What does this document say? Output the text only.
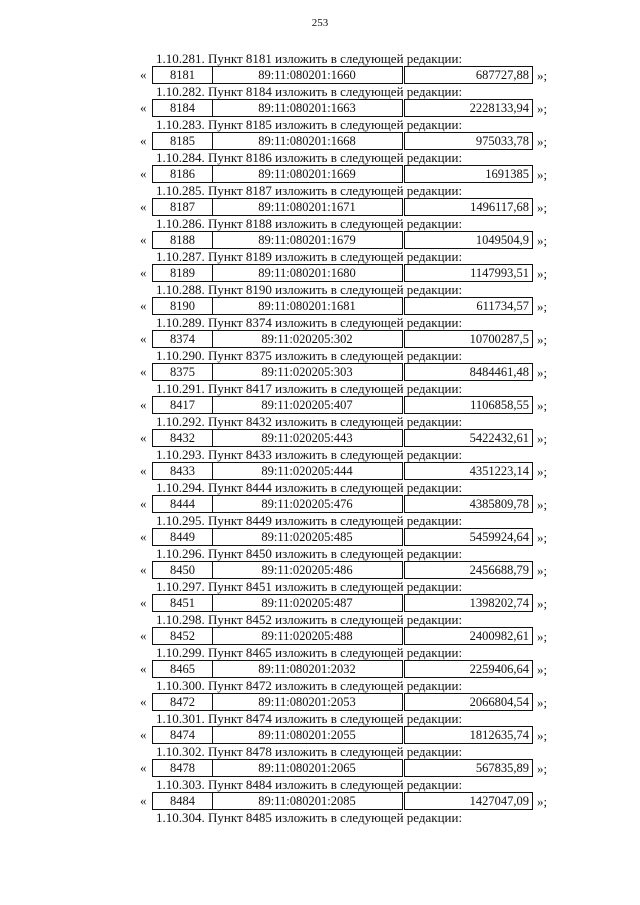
253
1.10.281. Пункт 8181 изложить в следующей редакции:
«	8181	89:11:080201:1660	687727,88 »;
1.10.282. Пункт 8184 изложить в следующей редакции:
«	8184	89:11:080201:1663	2228133,94 »;
1.10.283. Пункт 8185 изложить в следующей редакции:
«	8185	89:11:080201:1668	975033,78 »;
1.10.284. Пункт 8186 изложить в следующей редакции:
«	8186	89:11:080201:1669	1691385 »;
1.10.285. Пункт 8187 изложить в следующей редакции:
«	8187	89:11:080201:1671	1496117,68 »;
1.10.286. Пункт 8188 изложить в следующей редакции:
«	8188	89:11:080201:1679	1049504,9 »;
1.10.287. Пункт 8189 изложить в следующей редакции:
«	8189	89:11:080201:1680	1147993,51 »;
1.10.288. Пункт 8190 изложить в следующей редакции:
«	8190	89:11:080201:1681	611734,57 »;
1.10.289. Пункт 8374 изложить в следующей редакции:
«	8374	89:11:020205:302	10700287,5 »;
1.10.290. Пункт 8375 изложить в следующей редакции:
«	8375	89:11:020205:303	8484461,48 »;
1.10.291. Пункт 8417 изложить в следующей редакции:
«	8417	89:11:020205:407	1106858,55 »;
1.10.292. Пункт 8432 изложить в следующей редакции:
«	8432	89:11:020205:443	5422432,61 »;
1.10.293. Пункт 8433 изложить в следующей редакции:
«	8433	89:11:020205:444	4351223,14 »;
1.10.294. Пункт 8444 изложить в следующей редакции:
«	8444	89:11:020205:476	4385809,78 »;
1.10.295. Пункт 8449 изложить в следующей редакции:
«	8449	89:11:020205:485	5459924,64 »;
1.10.296. Пункт 8450 изложить в следующей редакции:
«	8450	89:11:020205:486	2456688,79 »;
1.10.297. Пункт 8451 изложить в следующей редакции:
«	8451	89:11:020205:487	1398202,74 »;
1.10.298. Пункт 8452 изложить в следующей редакции:
«	8452	89:11:020205:488	2400982,61 »;
1.10.299. Пункт 8465 изложить в следующей редакции:
«	8465	89:11:080201:2032	2259406,64 »;
1.10.300. Пункт 8472 изложить в следующей редакции:
«	8472	89:11:080201:2053	2066804,54 »;
1.10.301. Пункт 8474 изложить в следующей редакции:
«	8474	89:11:080201:2055	1812635,74 »;
1.10.302. Пункт 8478 изложить в следующей редакции:
«	8478	89:11:080201:2065	567835,89 »;
1.10.303. Пункт 8484 изложить в следующей редакции:
«	8484	89:11:080201:2085	1427047,09 »;
1.10.304. Пункт 8485 изложить в следующей редакции:
